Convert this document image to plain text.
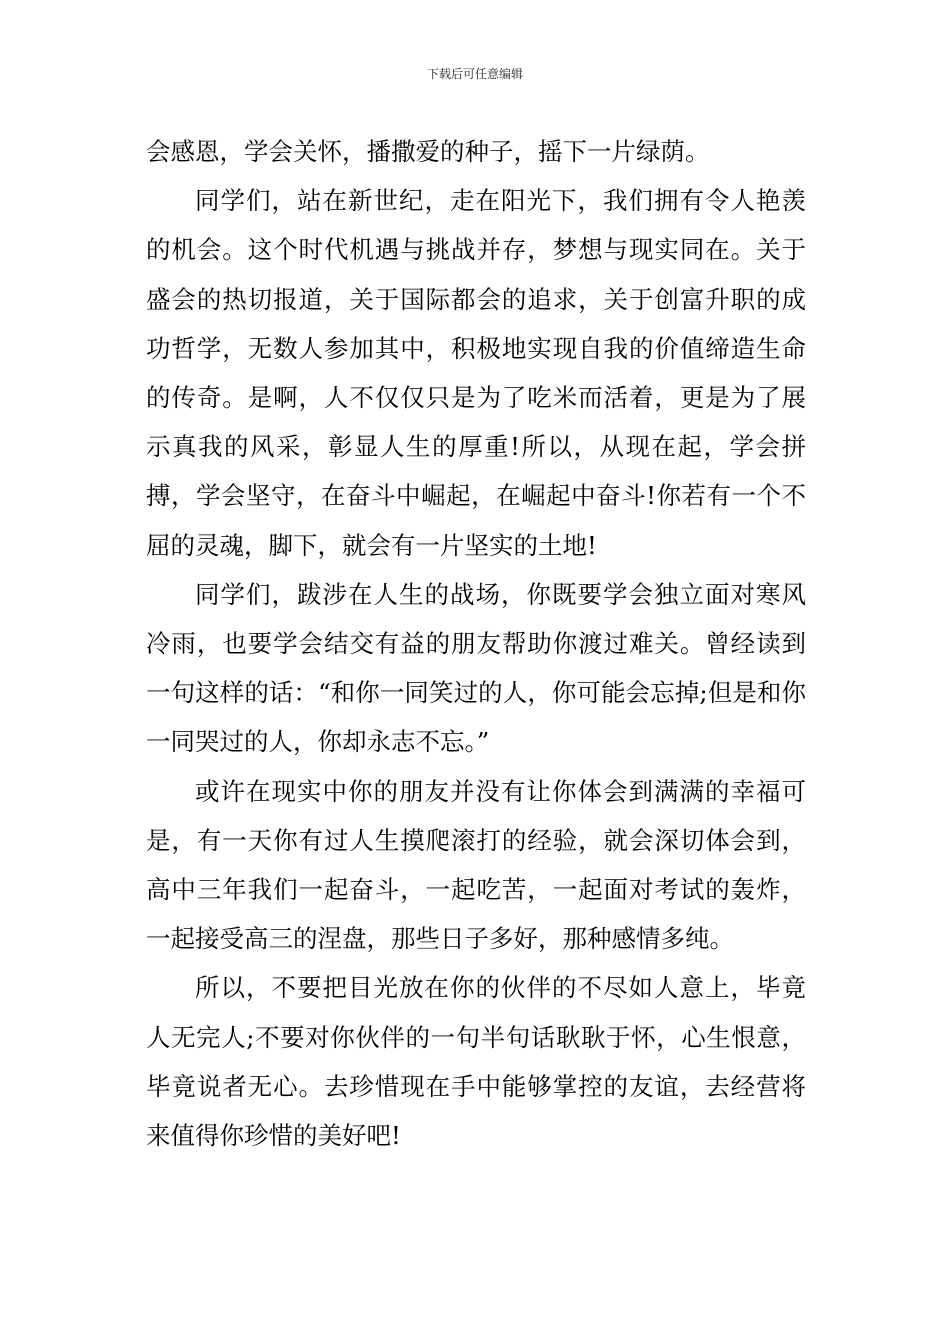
下载后可任意编辑

会感恩，学会关怀，播撒爱的种子，摇下一片绿荫。

同学们，站在新世纪，走在阳光下，我们拥有令人艳羡的机会。这个时代机遇与挑战并存，梦想与现实同在。关于盛会的热切报道，关于国际都会的追求，关于创富升职的成功哲学，无数人参加其中，积极地实现自我的价值缔造生命的传奇。是啊，人不仅仅只是为了吃米而活着，更是为了展示真我的风采，彰显人生的厚重!所以，从现在起，学会拼搏，学会坚守，在奋斗中崛起，在崛起中奋斗!你若有一个不屈的灵魂，脚下，就会有一片坚实的土地!

同学们，跋涉在人生的战场，你既要学会独立面对寒风冷雨，也要学会结交有益的朋友帮助你渡过难关。曾经读到一句这样的话：“和你一同笑过的人，你可能会忘掉;但是和你一同哭过的人，你却永志不忘。”

或许在现实中你的朋友并没有让你体会到满满的幸福可是，有一天你有过人生摸爬滚打的经验，就会深切体会到，高中三年我们一起奋斗，一起吃苦，一起面对考试的轰炸，一起接受高三的涅盘，那些日子多好，那种感情多纯。

所以，不要把目光放在你的伙伴的不尽如人意上，毕竟人无完人;不要对你伙伴的一句半句话耿耿于怀，心生恨意，毕竟说者无心。去珍惜现在手中能够掌控的友谊，去经营将来值得你珍惜的美好吧!
